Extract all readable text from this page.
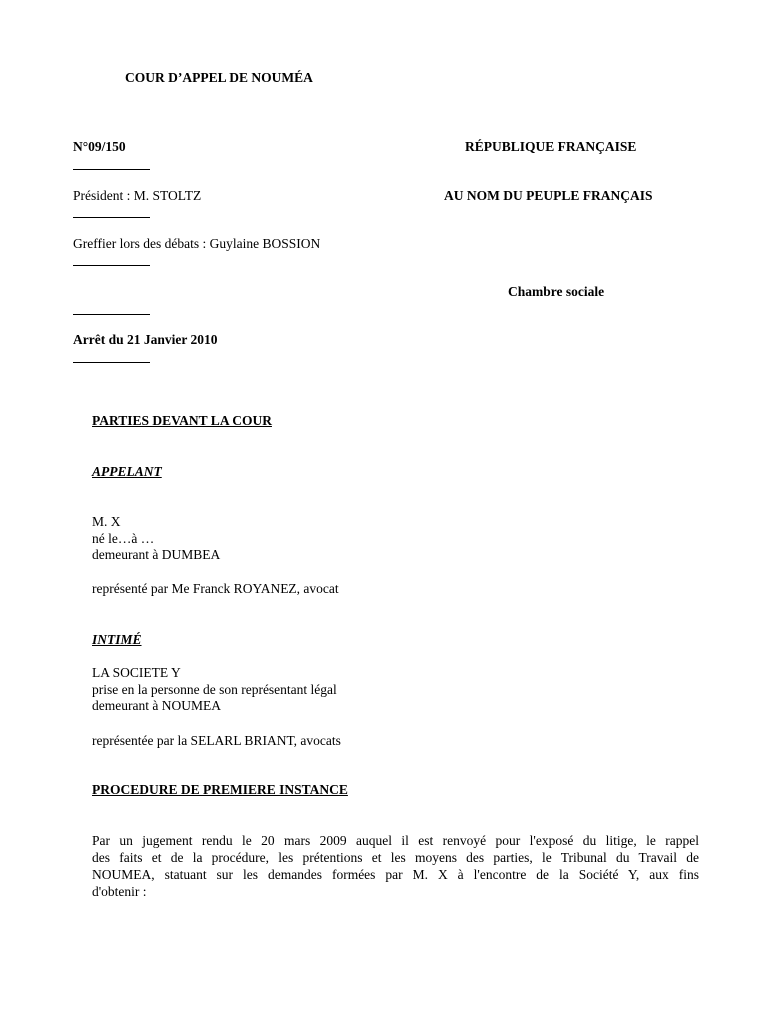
COUR D’APPEL DE NOUMÉA
N°09/150	RÉPUBLIQUE FRANÇAISE
Président : M. STOLTZ	AU NOM DU PEUPLE FRANÇAIS
Greffier lors des débats : Guylaine BOSSION
Chambre sociale
Arrêt du 21 Janvier 2010
PARTIES DEVANT LA COUR
APPELANT
M. X
né le…à …
demeurant à DUMBEA
représenté par Me Franck ROYANEZ, avocat
INTIMÉ
LA SOCIETE Y
prise en la personne de son représentant légal
demeurant à NOUMEA
représentée par la SELARL BRIANT, avocats
PROCEDURE DE PREMIERE INSTANCE
Par un jugement rendu le 20 mars 2009 auquel il est renvoyé pour l'exposé du litige, le rappel
des faits et de la procédure, les prétentions et les moyens des parties, le Tribunal du Travail de
NOUMEA, statuant sur les demandes formées par M. X à l'encontre de la Société Y, aux fins
d'obtenir :
